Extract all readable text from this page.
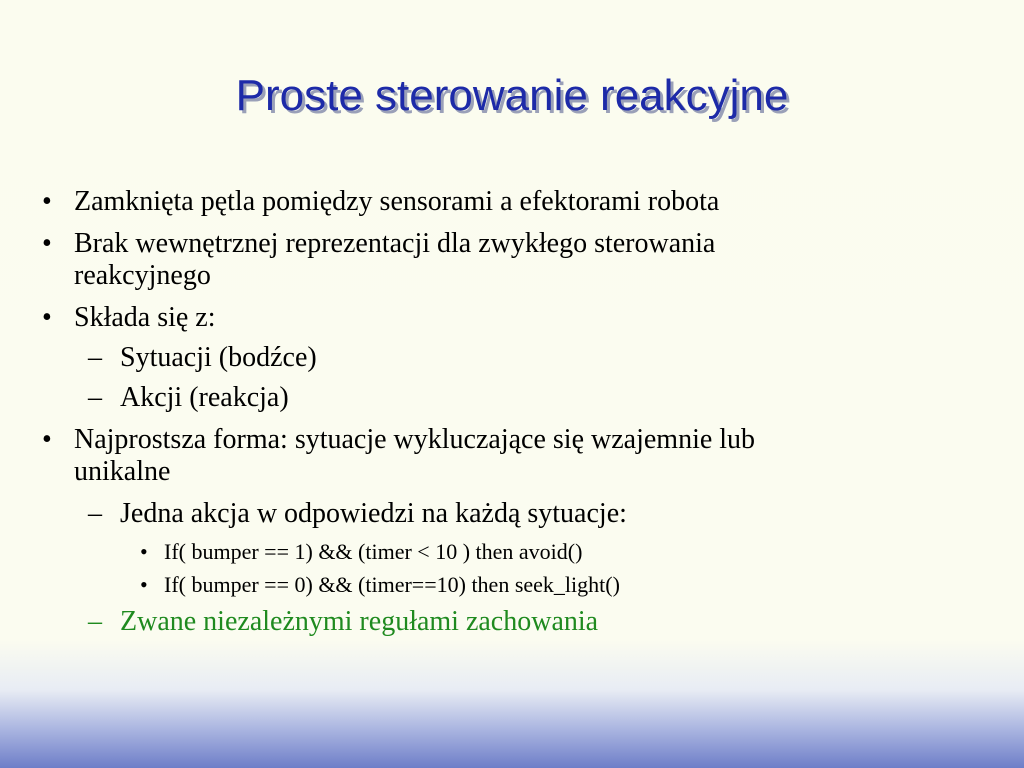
Proste sterowanie reakcyjne
• Zamknięta pętla pomiędzy sensorami a efektorami robota
• Brak wewnętrznej reprezentacji dla zwykłego sterowania
reakcyjnego
• Składa się z:
– Sytuacji (bodźce)
– Akcji (reakcja)
• Najprostsza forma: sytuacje wykluczające się wzajemnie lub
unikalne
– Jedna akcja w odpowiedzi na każdą sytuacje:
• If( bumper == 1) && (timer < 10 ) then avoid()
• If( bumper == 0) && (timer==10) then seek_light()
– Zwane niezależnymi regułami zachowania
